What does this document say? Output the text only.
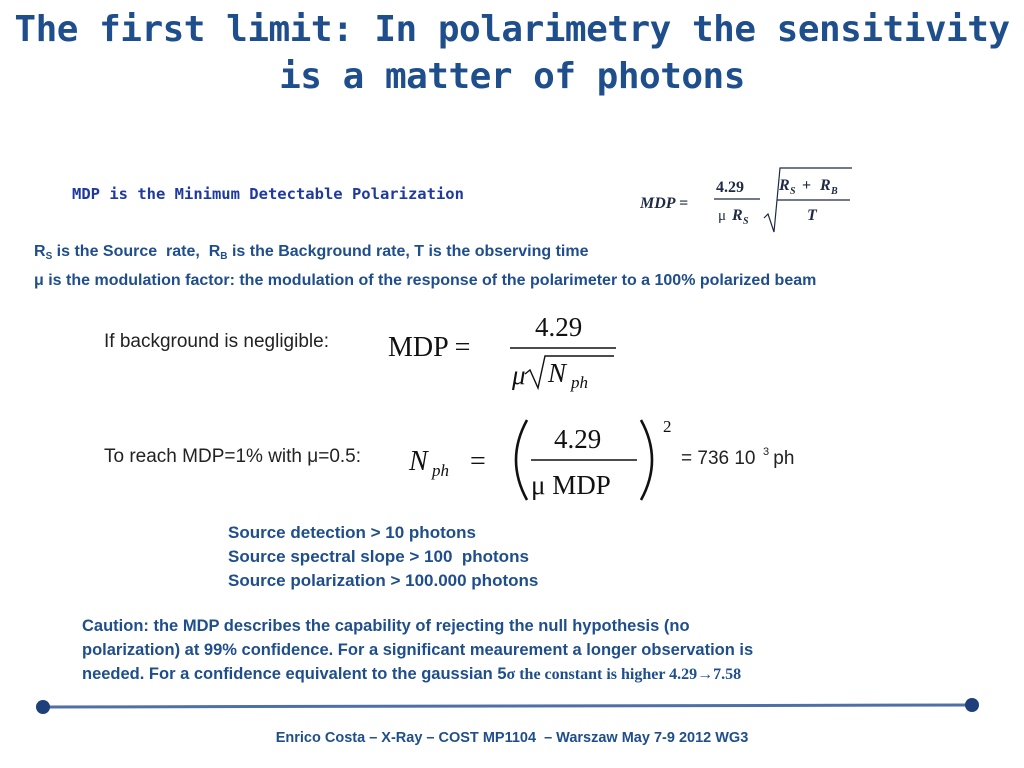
The first limit: In polarimetry the sensitivity
is a matter of photons
MDP is the Minimum Detectable Polarization
MDP =
4.29
μ R S
R S + R B
T
$R_S$ is the Source  rate,  $R_B$ is the Background rate, T is the observing time
μ is the modulation factor: the modulation of the response of the polarimeter to a 100% polarized beam
If background is negligible: MDP =
4.29
μ N ph
To reach MDP=1% with μ=0.5: N ph =
4.29
μ MDP
2
= 736 10 3
ph
Source detection > 10 photons
Source spectral slope > 100  photons
Source polarization > 100.000 photons
Caution: the MDP describes the capability of rejecting the null hypothesis (no
polarization) at 99% confidence. For a significant meaurement a longer observation is
needed. For a confidence equivalent to the gaussian 5σ the constant is higher 4.29→7.58
Enrico Costa – X-Ray – COST MP1104  – Warszaw May 7-9 2012 WG3
